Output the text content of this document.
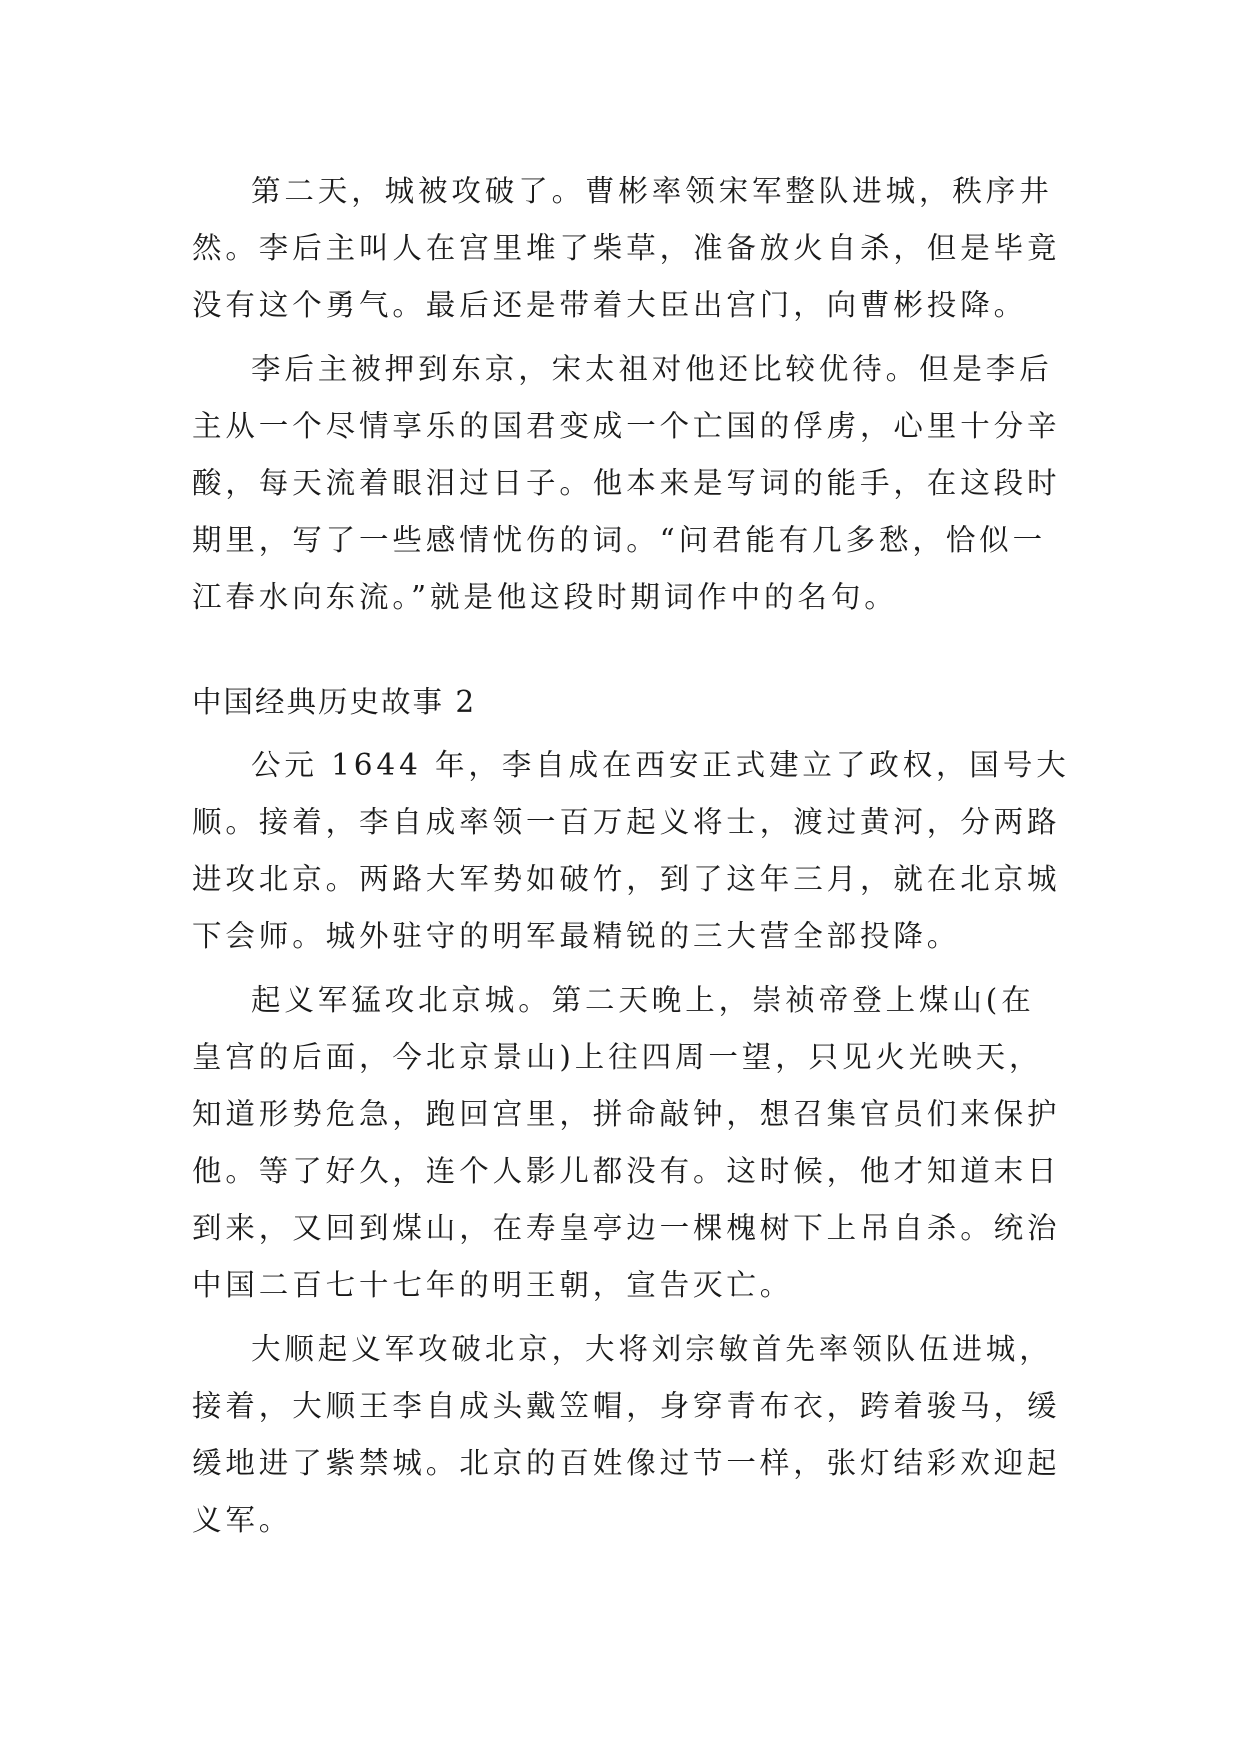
第二天，城被攻破了。曹彬率领宋军整队进城，秩序井
然。李后主叫人在宫里堆了柴草，准备放火自杀，但是毕竟
没有这个勇气。最后还是带着大臣出宫门，向曹彬投降。
李后主被押到东京，宋太祖对他还比较优待。但是李后
主从一个尽情享乐的国君变成一个亡国的俘虏，心里十分辛
酸，每天流着眼泪过日子。他本来是写词的能手，在这段时
期里，写了一些感情忧伤的词。“问君能有几多愁，恰似一
江春水向东流。”就是他这段时期词作中的名句。
中国经典历史故事 2
公元 1644 年，李自成在西安正式建立了政权，国号大
顺。接着，李自成率领一百万起义将士，渡过黄河，分两路
进攻北京。两路大军势如破竹，到了这年三月，就在北京城
下会师。城外驻守的明军最精锐的三大营全部投降。
起义军猛攻北京城。第二天晚上，崇祯帝登上煤山(在
皇宫的后面，今北京景山)上往四周一望，只见火光映天，
知道形势危急，跑回宫里，拼命敲钟，想召集官员们来保护
他。等了好久，连个人影儿都没有。这时候，他才知道末日
到来，又回到煤山，在寿皇亭边一棵槐树下上吊自杀。统治
中国二百七十七年的明王朝，宣告灭亡。
大顺起义军攻破北京，大将刘宗敏首先率领队伍进城，
接着，大顺王李自成头戴笠帽，身穿青布衣，跨着骏马，缓
缓地进了紫禁城。北京的百姓像过节一样，张灯结彩欢迎起
义军。
